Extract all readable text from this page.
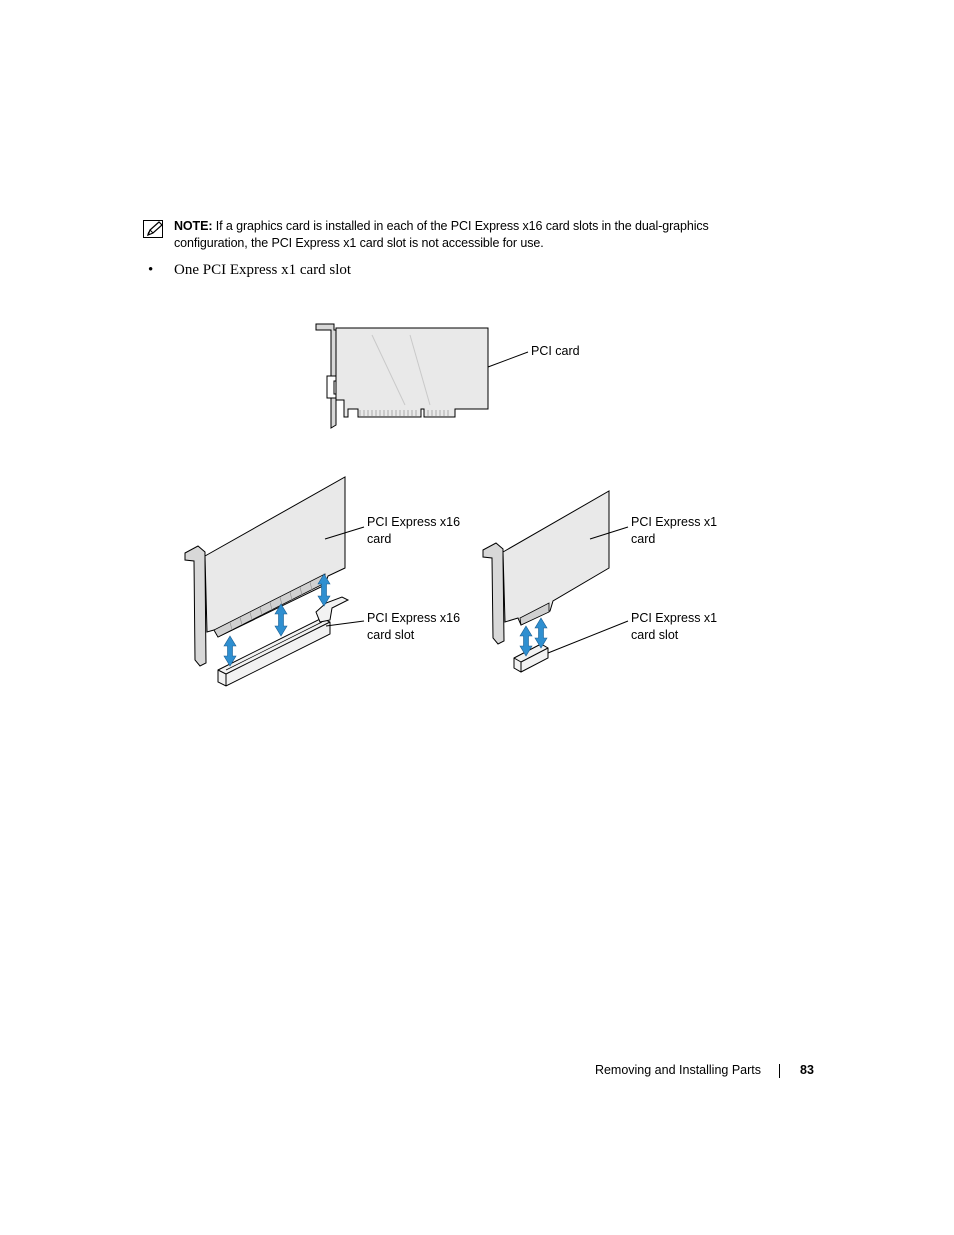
NOTE: If a graphics card is installed in each of the PCI Express x16 card slots in the dual-graphics configuration, the PCI Express x1 card slot is not accessible for use.
• One PCI Express x1 card slot
PCI card
PCI Express x16
card
PCI Express x16
card slot
PCI Express x1
card
PCI Express x1
card slot
Removing and Installing Parts	83
